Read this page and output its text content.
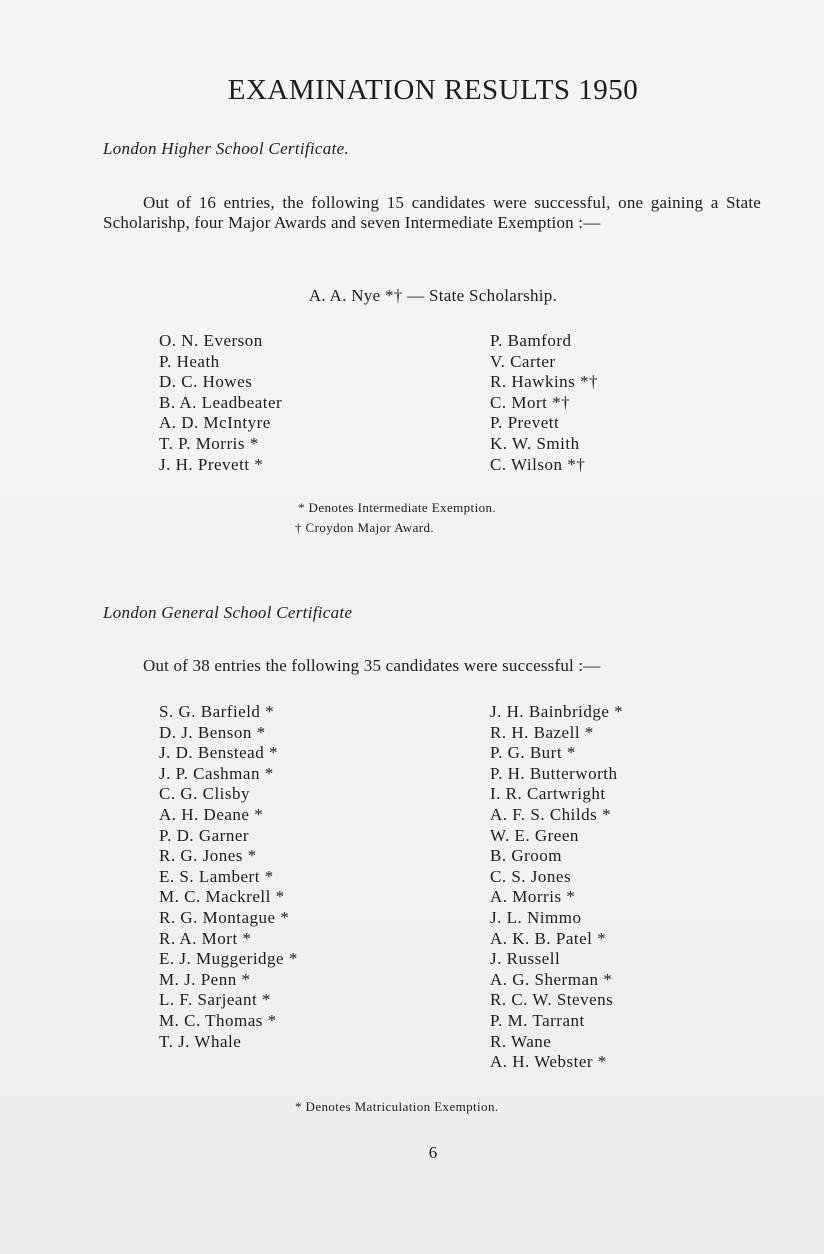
EXAMINATION RESULTS 1950
London Higher School Certificate.
Out of 16 entries, the following 15 candidates were successful, one gaining a State Scholarishp, four Major Awards and seven Intermediate Exemption :—
A. A. Nye *† — State Scholarship.
O. N. Everson
P. Heath
D. C. Howes
B. A. Leadbeater
A. D. McIntyre
T. P. Morris *
J. H. Prevett *
P. Bamford
V. Carter
R. Hawkins *†
C. Mort *†
P. Prevett
K. W. Smith
C. Wilson *†
* Denotes Intermediate Exemption.
† Croydon Major Award.
London General School Certificate
Out of 38 entries the following 35 candidates were successful :—
S. G. Barfield *
D. J. Benson *
J. D. Benstead *
J. P. Cashman *
C. G. Clisby
A. H. Deane *
P. D. Garner
R. G. Jones *
E. S. Lambert *
M. C. Mackrell *
R. G. Montague *
R. A. Mort *
E. J. Muggeridge *
M. J. Penn *
L. F. Sarjeant *
M. C. Thomas *
T. J. Whale
J. H. Bainbridge *
R. H. Bazell *
P. G. Burt *
P. H. Butterworth
I. R. Cartwright
A. F. S. Childs *
W. E. Green
B. Groom
C. S. Jones
A. Morris *
J. L. Nimmo
A. K. B. Patel *
J. Russell
A. G. Sherman *
R. C. W. Stevens
P. M. Tarrant
R. Wane
A. H. Webster *
* Denotes Matriculation Exemption.
6
